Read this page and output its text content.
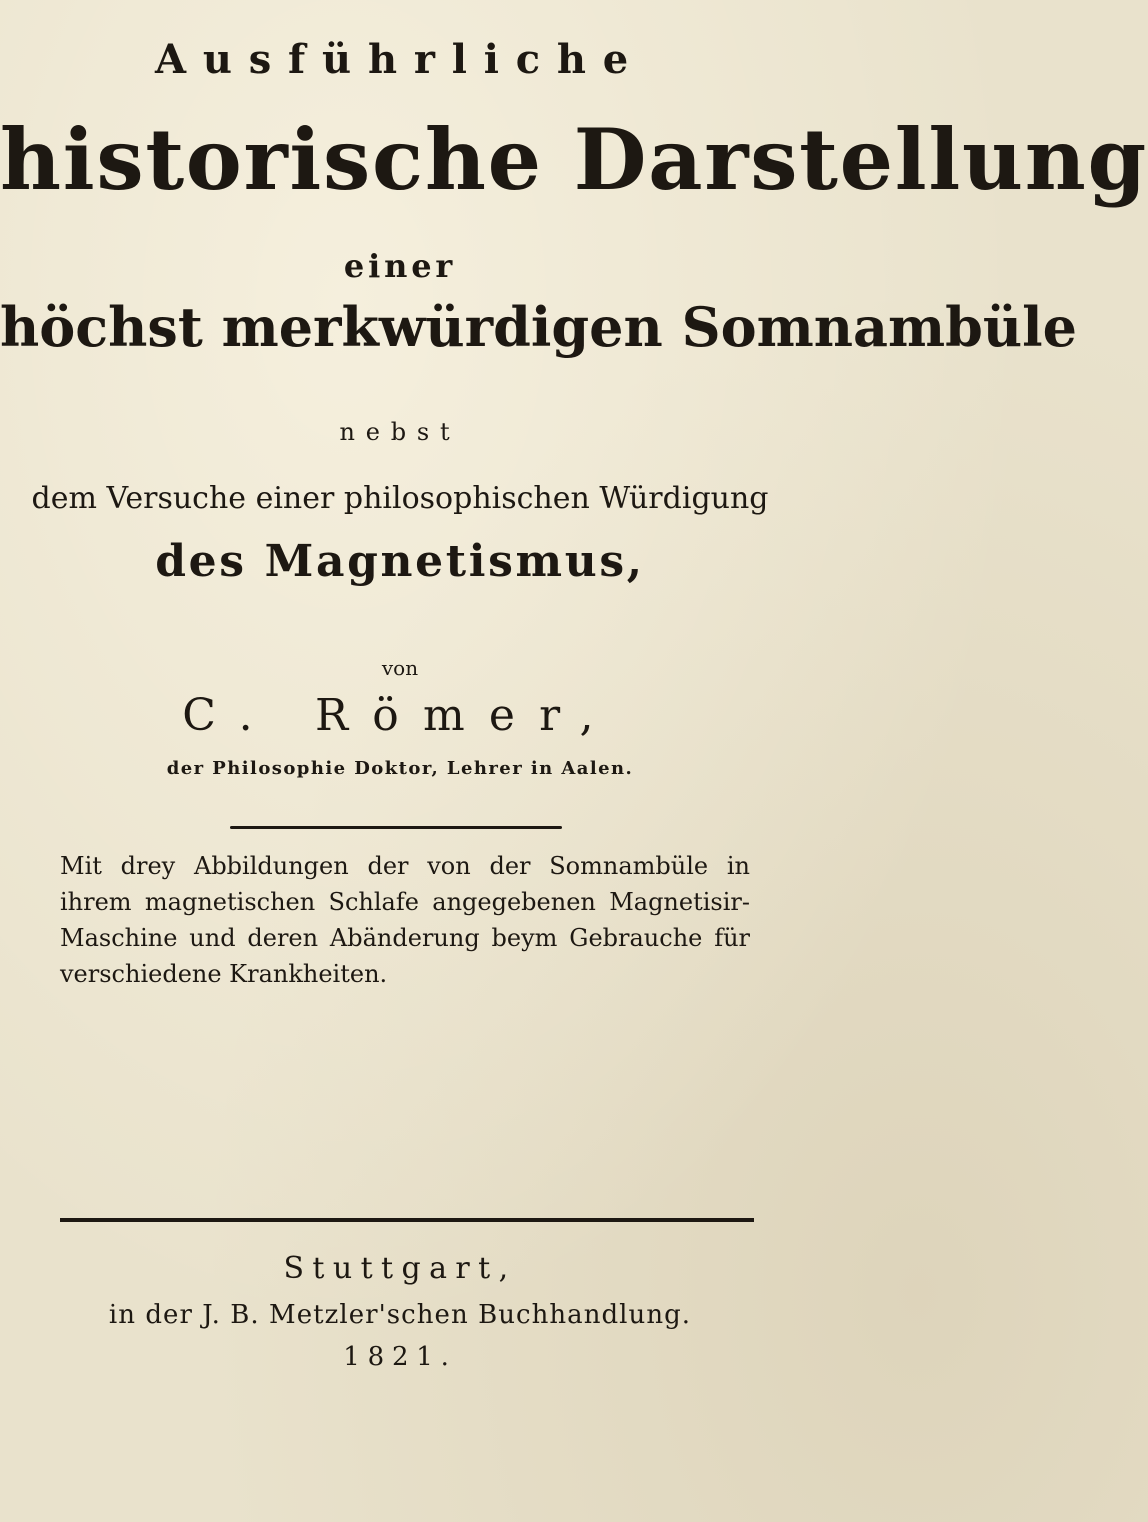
Ausführliche
historische Darstellung
einer
höchst merkwürdigen Somnambüle
nebst
dem Versuche einer philosophischen Würdigung
des Magnetismus,
von
C. Römer,
der Philosophie Doktor, Lehrer in Aalen.
Mit drey Abbildungen der von der Somnambüle in ihrem magnetischen Schlafe angegebenen Magnetisir-Maschine und deren Abänderung beym Gebrauche für verschiedene Krankheiten.
Stuttgart,
in der J. B. Metzler'schen Buchhandlung.
1821.
